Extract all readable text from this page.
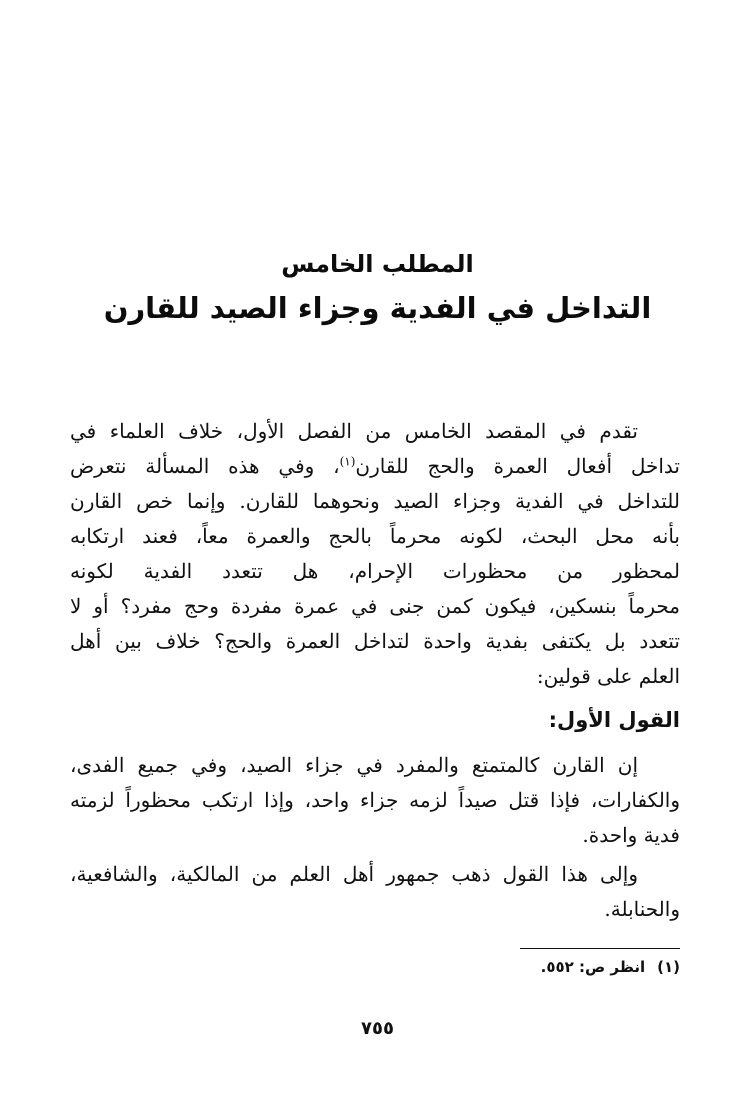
المطلب الخامس
التداخل في الفدية وجزاء الصيد للقارن
تقدم في المقصد الخامس من الفصل الأول، خلاف العلماء في
تداخل أفعال العمرة والحج للقارن$^{(١)}$، وفي هذه المسألة نتعرض
للتداخل في الفدية وجزاء الصيد ونحوهما للقارن. وإنما خص القارن
بأنه محل البحث، لكونه محرماً بالحج والعمرة معاً، فعند ارتكابه
لمحظور من محظورات الإحرام، هل تتعدد الفدية لكونه
محرماً بنسكين، فيكون كمن جنى في عمرة مفردة وحج مفرد؟ أو لا
تتعدد بل يكتفى بفدية واحدة لتداخل العمرة والحج؟ خلاف بين أهل
العلم على قولين:
القول الأول:
إن القارن كالمتمتع والمفرد في جزاء الصيد، وفي جميع الفدى،
والكفارات، فإذا قتل صيداً لزمه جزاء واحد، وإذا ارتكب محظوراً لزمته
فدية واحدة.
وإلى هذا القول ذهب جمهور أهل العلم من المالكية، والشافعية،
والحنابلة.
(١)انظر ص: ٥٥٢.
٧٥٥
